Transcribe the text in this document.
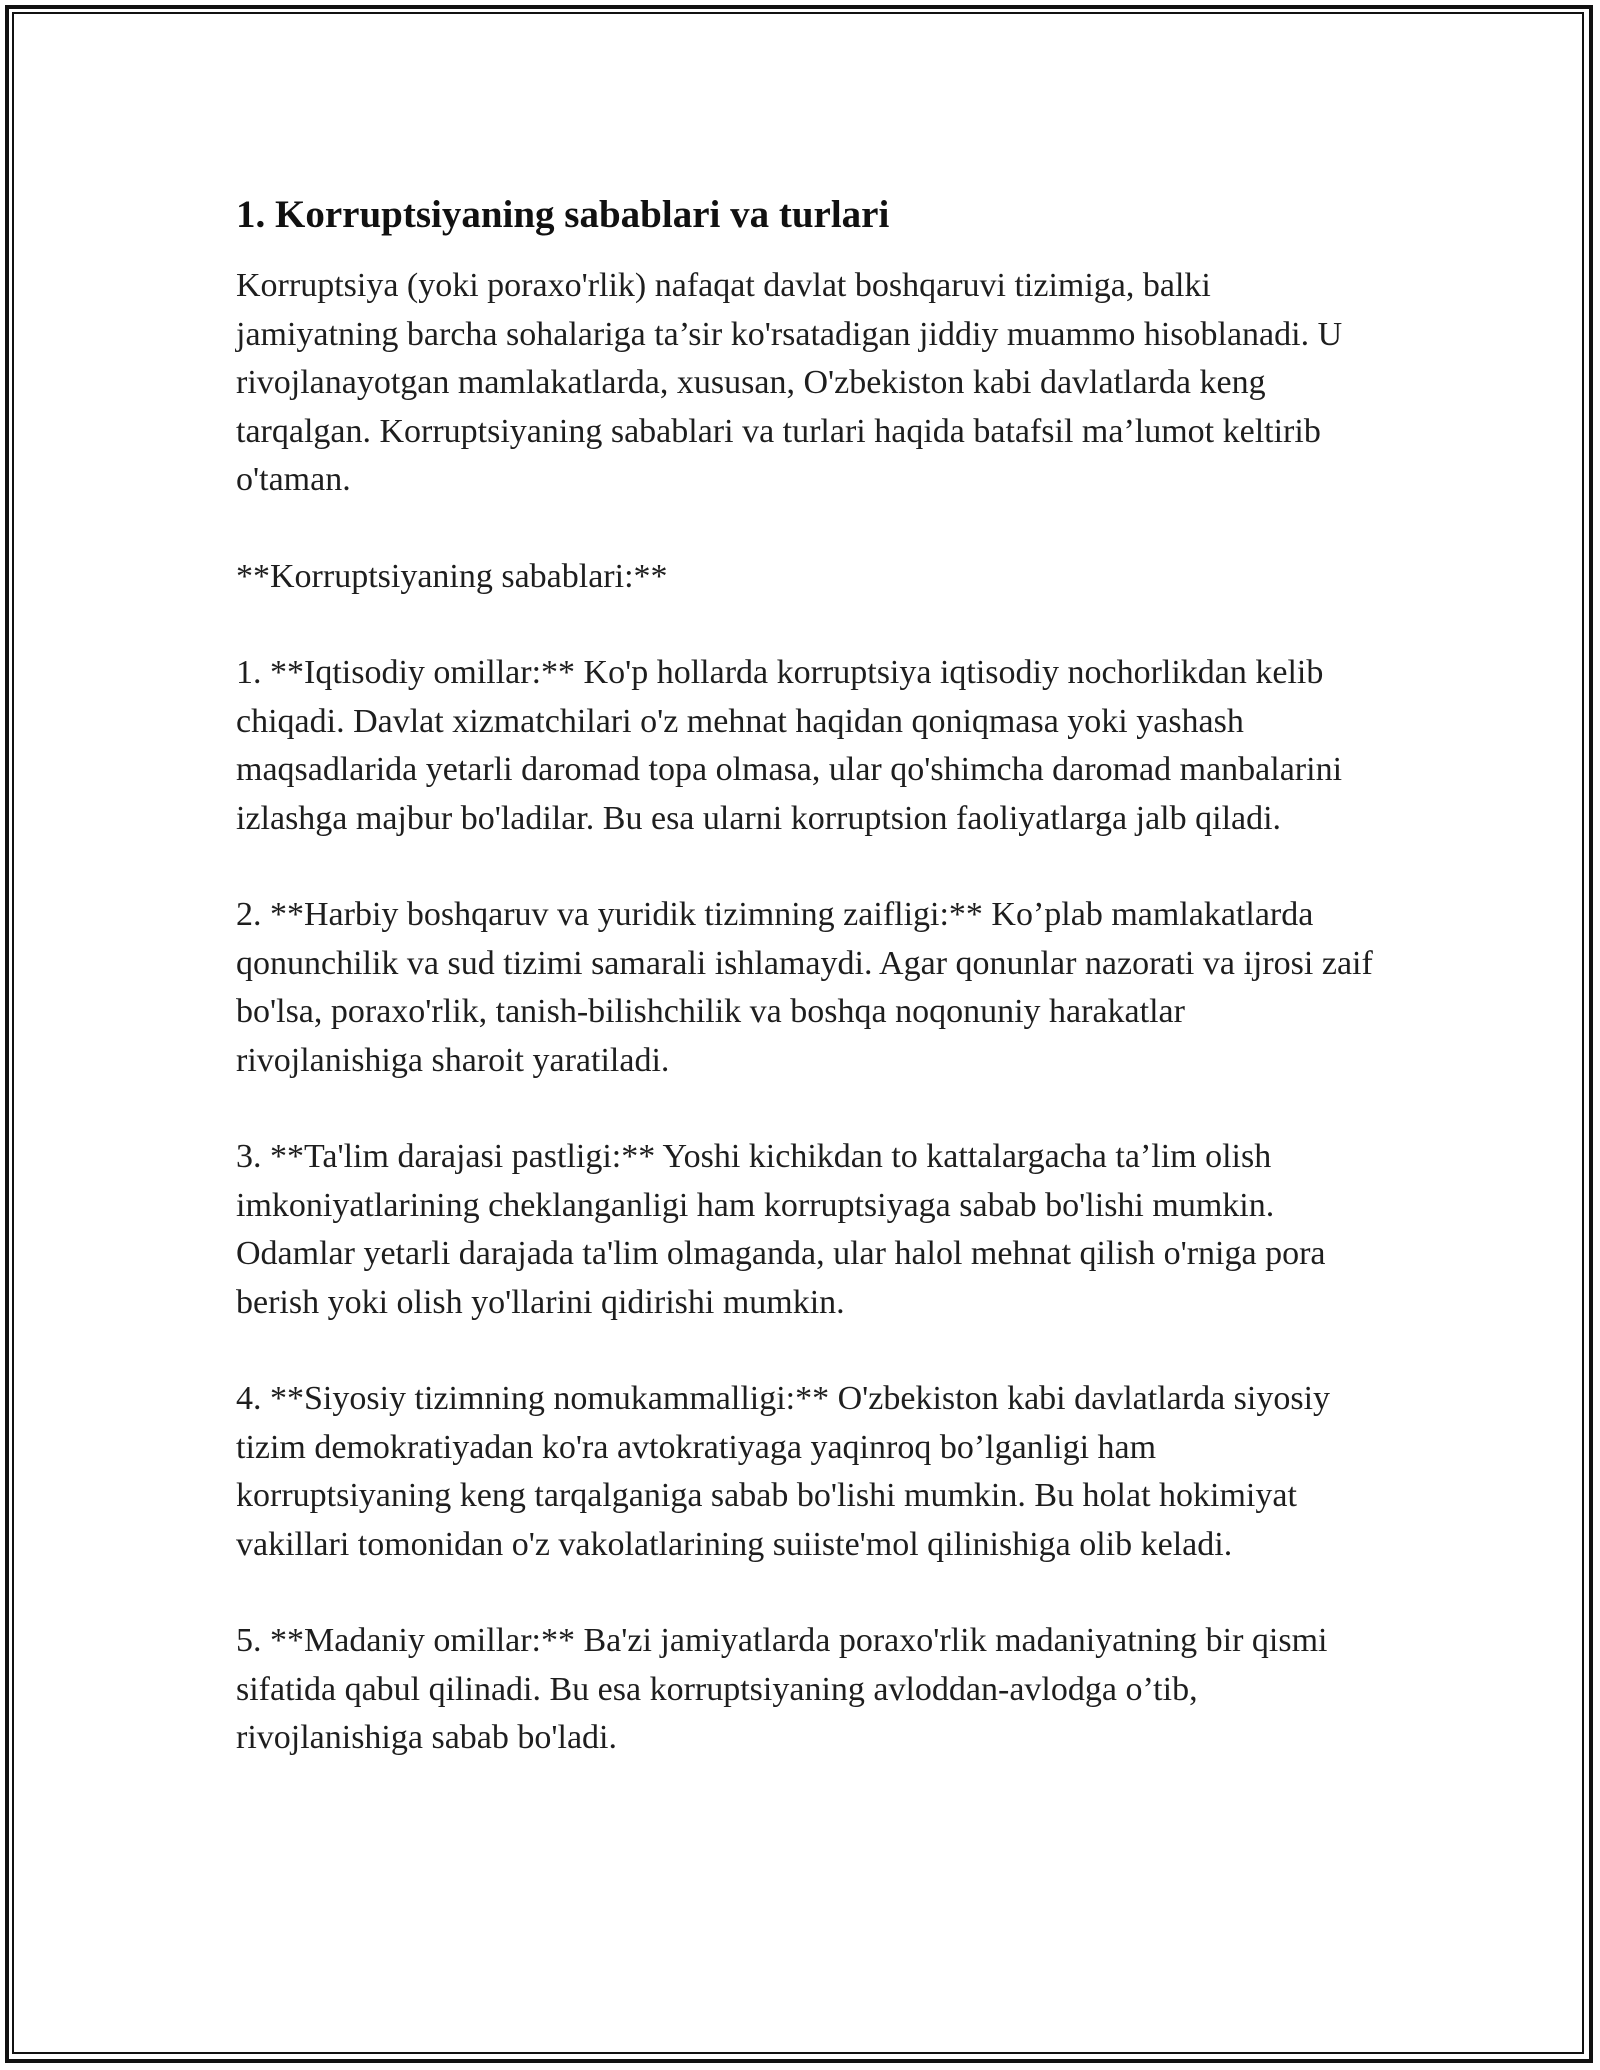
1. Korruptsiyaning sabablari va turlari

Korruptsiya (yoki poraxo'rlik) nafaqat davlat boshqaruvi tizimiga, balki jamiyatning barcha sohalariga ta’sir ko'rsatadigan jiddiy muammo hisoblanadi. U rivojlanayotgan mamlakatlarda, xususan, O'zbekiston kabi davlatlarda keng tarqalgan. Korruptsiyaning sabablari va turlari haqida batafsil ma’lumot keltirib o'taman.

**Korruptsiyaning sabablari:**

1. **Iqtisodiy omillar:** Ko'p hollarda korruptsiya iqtisodiy nochorlikdan kelib chiqadi. Davlat xizmatchilari o'z mehnat haqidan qoniqmasa yoki yashash maqsadlarida yetarli daromad topa olmasa, ular qo'shimcha daromad manbalarini izlashga majbur bo'ladilar. Bu esa ularni korruptsion faoliyatlarga jalb qiladi.

2. **Harbiy boshqaruv va yuridik tizimning zaifligi:** Ko’plab mamlakatlarda qonunchilik va sud tizimi samarali ishlamaydi. Agar qonunlar nazorati va ijrosi zaif bo'lsa, poraxo'rlik, tanish-bilishchilik va boshqa noqonuniy harakatlar rivojlanishiga sharoit yaratiladi.

3. **Ta'lim darajasi pastligi:** Yoshi kichikdan to kattalargacha ta’lim olish imkoniyatlarining cheklanganligi ham korruptsiyaga sabab bo'lishi mumkin. Odamlar yetarli darajada ta'lim olmaganda, ular halol mehnat qilish o'rniga pora berish yoki olish yo'llarini qidirishi mumkin.

4. **Siyosiy tizimning nomukammalligi:** O'zbekiston kabi davlatlarda siyosiy tizim demokratiyadan ko'ra avtokratiyaga yaqinroq bo’lganligi ham korruptsiyaning keng tarqalganiga sabab bo'lishi mumkin. Bu holat hokimiyat vakillari tomonidan o'z vakolatlarining suiiste'mol qilinishiga olib keladi.

5. **Madaniy omillar:** Ba'zi jamiyatlarda poraxo'rlik madaniyatning bir qismi sifatida qabul qilinadi. Bu esa korruptsiyaning avloddan-avlodga o’tib, rivojlanishiga sabab bo'ladi.
